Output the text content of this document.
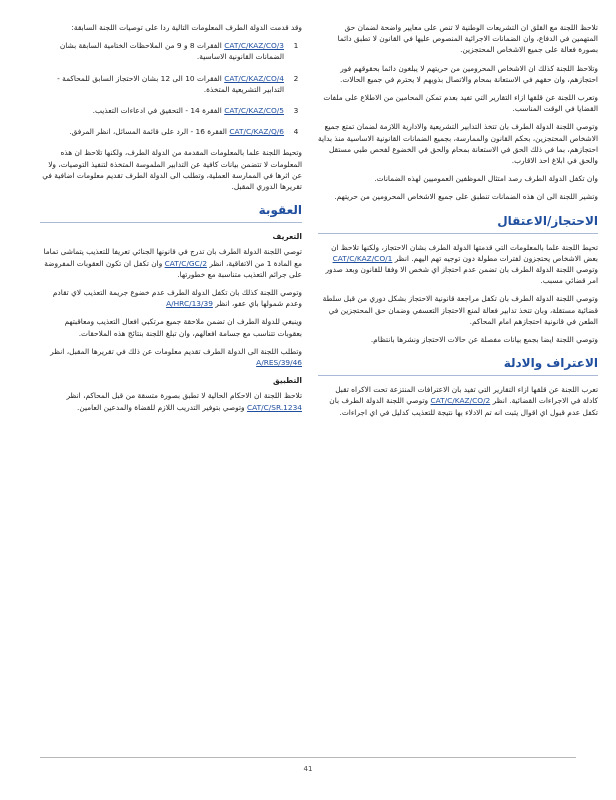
تلاحظ اللجنة مع القلق ان التشريعات الوطنية لا تنص على معايير واضحة لضمان حق المتهمين في الدفاع، وان الضمانات الاجرائية المنصوص عليها في القانون لا تطبق دائما بصورة فعالة على جميع الاشخاص المحتجزين.

وتلاحظ اللجنة كذلك ان الاشخاص المحرومين من حريتهم لا يبلغون دائما بحقوقهم فور احتجازهم، وان حقهم في الاستعانة بمحام والاتصال بذويهم لا يحترم في جميع الحالات.

وتعرب اللجنة عن قلقها ازاء التقارير التي تفيد بعدم تمكن المحامين من الاطلاع على ملفات القضايا في الوقت المناسب.

وتوصي اللجنة الدولة الطرف بان تتخذ التدابير التشريعية والادارية اللازمة لضمان تمتع جميع الاشخاص المحتجزين، بحكم القانون والممارسة، بجميع الضمانات القانونية الاساسية منذ بداية احتجازهم، بما في ذلك الحق في الاستعانة بمحام والحق في الخضوع لفحص طبي مستقل والحق في ابلاغ احد الاقارب.

وان تكفل الدولة الطرف رصد امتثال الموظفين العموميين لهذه الضمانات.

وتشير اللجنة الى ان هذه الضمانات تنطبق على جميع الاشخاص المحرومين من حريتهم.

الاحتجاز/الاعتقال

تحيط اللجنة علما بالمعلومات التي قدمتها الدولة الطرف بشان الاحتجاز، ولكنها تلاحظ ان بعض الاشخاص يحتجزون لفترات مطولة دون توجيه تهم اليهم. انظر CAT/C/KAZ/CO/1 وتوصي اللجنة الدولة الطرف بان تضمن عدم احتجاز اي شخص الا وفقا للقانون وبعد صدور امر قضائي مسبب.

وتوصي اللجنة الدولة الطرف بان تكفل مراجعة قانونية الاحتجاز بشكل دوري من قبل سلطة قضائية مستقلة، وبان تتخذ تدابير فعالة لمنع الاحتجاز التعسفي وضمان حق المحتجزين في الطعن في قانونية احتجازهم امام المحاكم.

وتوصي اللجنة ايضا بجمع بيانات مفصلة عن حالات الاحتجاز ونشرها بانتظام.

الاعتراف والادلة

تعرب اللجنة عن قلقها ازاء التقارير التي تفيد بان الاعترافات المنتزعة تحت الاكراه تقبل كادلة في الاجراءات القضائية. انظر CAT/C/KAZ/CO/2 وتوصي اللجنة الدولة الطرف بان تكفل عدم قبول اي اقوال يثبت انه تم الادلاء بها نتيجة للتعذيب كدليل في اي اجراءات.

وقد قدمت الدولة الطرف المعلومات التالية ردا على توصيات اللجنة السابقة:

1
CAT/C/KAZ/CO/3 الفقرات 8 و 9 من الملاحظات الختامية السابقة بشان الضمانات القانونية الاساسية.
2
CAT/C/KAZ/CO/4 الفقرات 10 الى 12 بشان الاحتجاز السابق للمحاكمة - التدابير التشريعية المتخذة.
3
CAT/C/KAZ/CO/5 الفقرة 14 - التحقيق في ادعاءات التعذيب.
4
CAT/C/KAZ/Q/6 الفقرة 16 - الرد على قائمة المسائل، انظر المرفق.

وتحيط اللجنة علما بالمعلومات المقدمة من الدولة الطرف، ولكنها تلاحظ ان هذه المعلومات لا تتضمن بيانات كافية عن التدابير الملموسة المتخذة لتنفيذ التوصيات، ولا عن اثرها في الممارسة العملية، وتطلب الى الدولة الطرف تقديم معلومات اضافية في تقريرها الدوري المقبل.

العقوبة
التعريف

توصي اللجنة الدولة الطرف بان تدرج في قانونها الجنائي تعريفا للتعذيب يتماشى تماما مع المادة 1 من الاتفاقية، انظر CAT/C/GC/2 وان تكفل ان تكون العقوبات المفروضة على جرائم التعذيب متناسبة مع خطورتها.

وتوصي اللجنة كذلك بان تكفل الدولة الطرف عدم خضوع جريمة التعذيب لاي تقادم وعدم شمولها باي عفو، انظر A/HRC/13/39

وينبغي للدولة الطرف ان تضمن ملاحقة جميع مرتكبي افعال التعذيب ومعاقبتهم بعقوبات تتناسب مع جسامة افعالهم، وان تبلغ اللجنة بنتائج هذه الملاحقات.

وتطلب اللجنة الى الدولة الطرف تقديم معلومات عن ذلك في تقريرها المقبل، انظر A/RES/39/46

التطبيق

تلاحظ اللجنة ان الاحكام الحالية لا تطبق بصورة متسقة من قبل المحاكم، انظر CAT/C/SR.1234 وتوصي بتوفير التدريب اللازم للقضاة والمدعين العامين.

41
